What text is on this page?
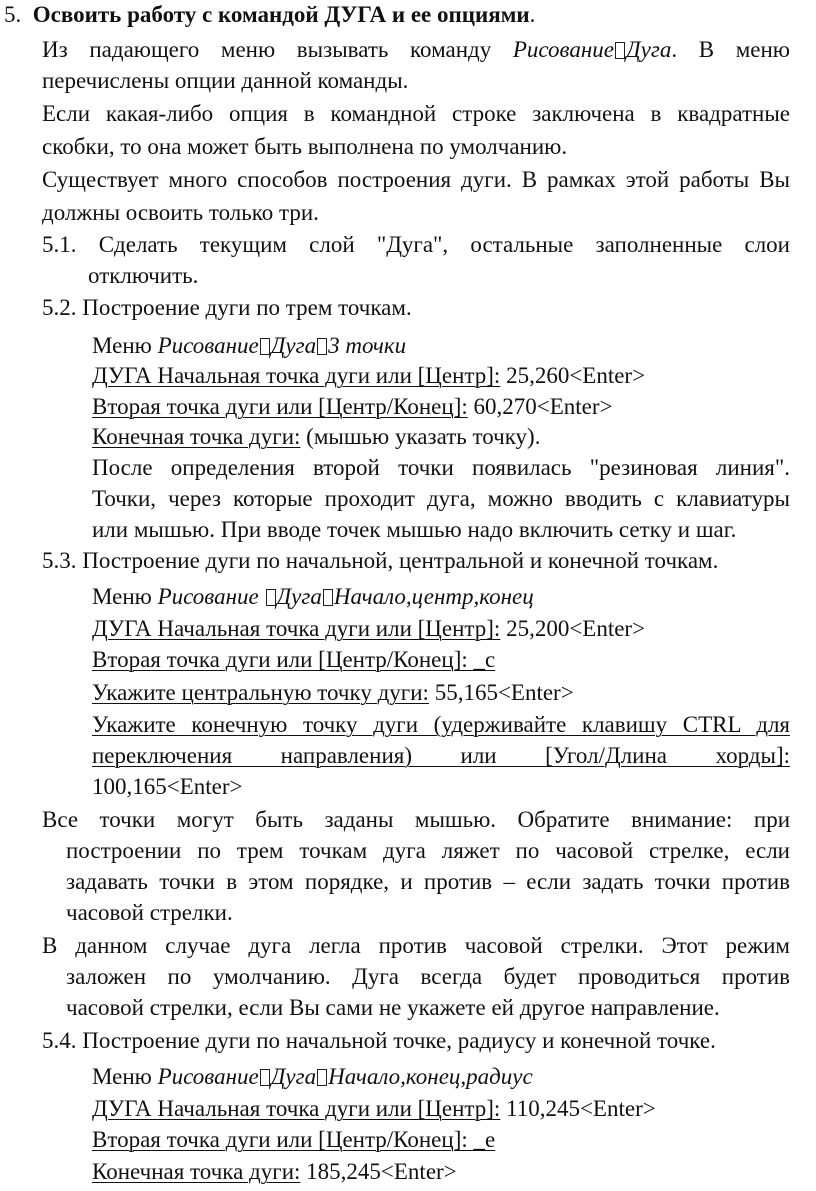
5. Освоить работу с командой ДУГА и ее опциями.
Из падающего меню вызывать команду Рисование Дуга. В меню
перечислены опции данной команды.
Если какая-либо опция в командной строке заключена в квадратные
скобки, то она может быть выполнена по умолчанию.
Существует много способов построения дуги. В рамках этой работы Вы
должны освоить только три.
5.1. Сделать текущим слой "Дуга", остальные заполненные слои
отключить.
5.2. Построение дуги по трем точкам.
Меню Рисование Дуга 3 точки
ДУГА Начальная точка дуги или [Центр]: 25,260<Enter>
Вторая точка дуги или [Центр/Конец]: 60,270<Enter>
Конечная точка дуги: (мышью указать точку).
После определения второй точки появилась "резиновая линия".
Точки, через которые проходит дуга, можно вводить с клавиатуры
или мышью. При вводе точек мышью надо включить сетку и шаг.
5.3. Построение дуги по начальной, центральной и конечной точкам.
Меню Рисование Дуга Начало,центр,конец
ДУГА Начальная точка дуги или [Центр]: 25,200<Enter>
Вторая точка дуги или [Центр/Конец]: _с
Укажите центральную точку дуги: 55,165<Enter>
Укажите конечную точку дуги (удерживайте клавишу CTRL для
переключения направления) или [Угол/Длина хорды]:
100,165<Enter>
Все точки могут быть заданы мышью. Обратите внимание: при
построении по трем точкам дуга ляжет по часовой стрелке, если
задавать точки в этом порядке, и против – если задать точки против
часовой стрелки.
В данном случае дуга легла против часовой стрелки. Этот режим
заложен по умолчанию. Дуга всегда будет проводиться против
часовой стрелки, если Вы сами не укажете ей другое направление.
5.4. Построение дуги по начальной точке, радиусу и конечной точке.
Меню Рисование Дуга Начало,конец,радиус
ДУГА Начальная точка дуги или [Центр]: 110,245<Enter>
Вторая точка дуги или [Центр/Конец]: _е
Конечная точка дуги: 185,245<Enter>
